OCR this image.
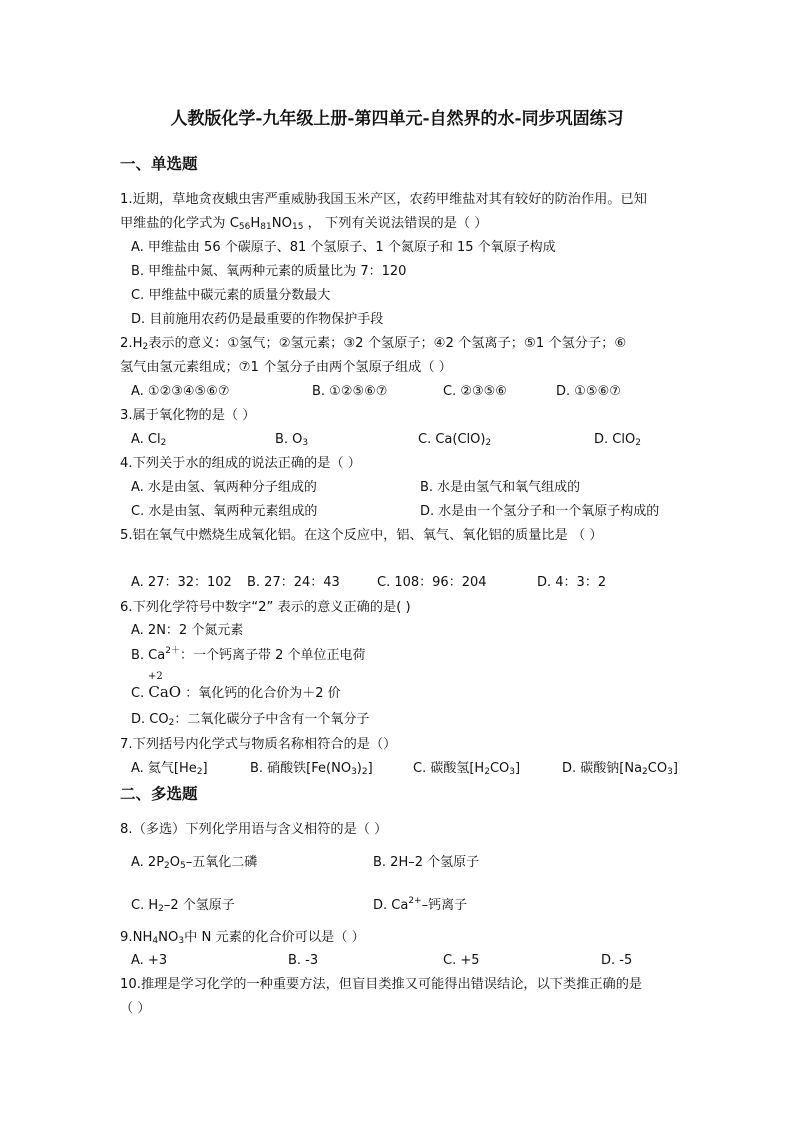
人教版化学-九年级上册-第四单元-自然界的水-同步巩固练习
一、单选题
1.近期，草地贪夜蛾虫害严重威胁我国玉米产区，农药甲维盐对其有较好的防治作用。已知
甲维盐的化学式为 $C_{56}H_{81}NO_{15}$ ， 下列有关说法错误的是（ ）
A. 甲维盐由 56 个碳原子、81 个氢原子、1 个氮原子和 15 个氧原子构成
B. 甲维盐中氮、氧两种元素的质量比为 7：120
C. 甲维盐中碳元素的质量分数最大
D. 目前施用农药仍是最重要的作物保护手段
$2.H_2$表示的意义：①氢气；②氢元素；③2 个氢原子；④2 个氢离子；⑤1 个氢分子；⑥
氢气由氢元素组成；⑦1 个氢分子由两个氢原子组成（ ）
A. ①②③④⑤⑥⑦	B. ①②⑤⑥⑦	C. ②③⑤⑥	D. ①⑤⑥⑦
3.属于氧化物的是（ ）
A. $Cl_2$	B. $O_3$	C. $Ca(ClO)_2$	D. ClO$_2$
4.下列关于水的组成的说法正确的是（ ）
A. 水是由氢、氧两种分子组成的	B. 水是由氢气和氧气组成的
C. 水是由氢、氧两种元素组成的	D. 水是由一个氢分子和一个氧原子构成的
5.铝在氧气中燃烧生成氧化铝。在这个反应中，铝、氧气、氧化铝的质量比是 （ ）
A. 27：32：102 B. 27：24：43	C. 108：96：204	D. 4：3：2
6.下列化学符号中数字“2” 表示的意义正确的是( )
A. 2N：2 个氮元素
B. $Ca^{2+}$：一个钙离子带 2 个单位正电荷
+2
C. CaO ：氧化钙的化合价为＋2 价
D. $CO_2$：二氧化碳分子中含有一个氧分子
7.下列括号内化学式与物质名称相符合的是（）
A. 氦气$[He_2]$	B. 硝酸铁$[Fe(NO_3)_2]$	C. 碳酸氢$[H_2CO_3]$	D. 碳酸钠$[Na_2CO_3]$
二、多选题
8.（多选）下列化学用语与含义相符的是（ ）
A. $2P_2O_5-$五氧化二磷	B. 2H–2 个氢原子
C. $H_2-2$ 个氢原子	D. $Ca^{2+}-$钙离子
$9.NH_4NO_3$中 N 元素的化合价可以是（ ）
A. +3	B. -3	C. +5	D. -5
10.推理是学习化学的一种重要方法，但盲目类推又可能得出错误结论，以下类推正确的是
（ ）
